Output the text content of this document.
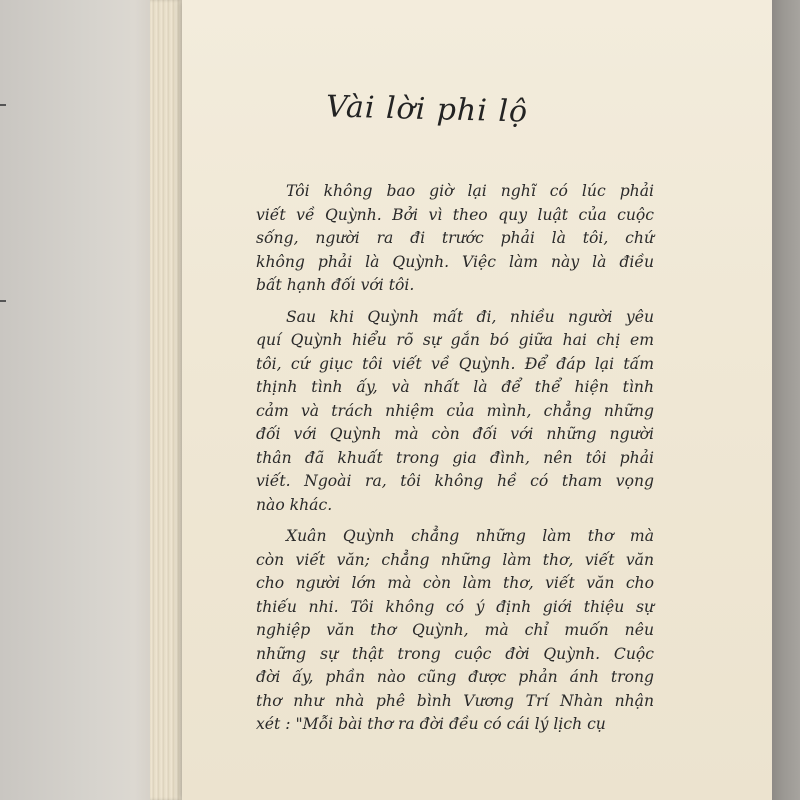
Vài lời phi lộ
Tôi không bao giờ lại nghĩ có lúc phải
viết về Quỳnh. Bởi vì theo quy luật của cuộc
sống, người ra đi trước phải là tôi, chứ
không phải là Quỳnh. Việc làm này là điều
bất hạnh đối với tôi.
Sau khi Quỳnh mất đi, nhiều người yêu
quí Quỳnh hiểu rõ sự gắn bó giữa hai chị em
tôi, cứ giục tôi viết về Quỳnh. Để đáp lại tấm
thịnh tình ấy, và nhất là để thể hiện tình
cảm và trách nhiệm của mình, chẳng những
đối với Quỳnh mà còn đối với những người
thân đã khuất trong gia đình, nên tôi phải
viết. Ngoài ra, tôi không hề có tham vọng
nào khác.
Xuân Quỳnh chẳng những làm thơ mà
còn viết văn; chẳng những làm thơ, viết văn
cho người lớn mà còn làm thơ, viết văn cho
thiếu nhi. Tôi không có ý định giới thiệu sự
nghiệp văn thơ Quỳnh, mà chỉ muốn nêu
những sự thật trong cuộc đời Quỳnh. Cuộc
đời ấy, phần nào cũng được phản ánh trong
thơ như nhà phê bình Vương Trí Nhàn nhận
xét : "Mỗi bài thơ ra đời đều có cái lý lịch cụ
